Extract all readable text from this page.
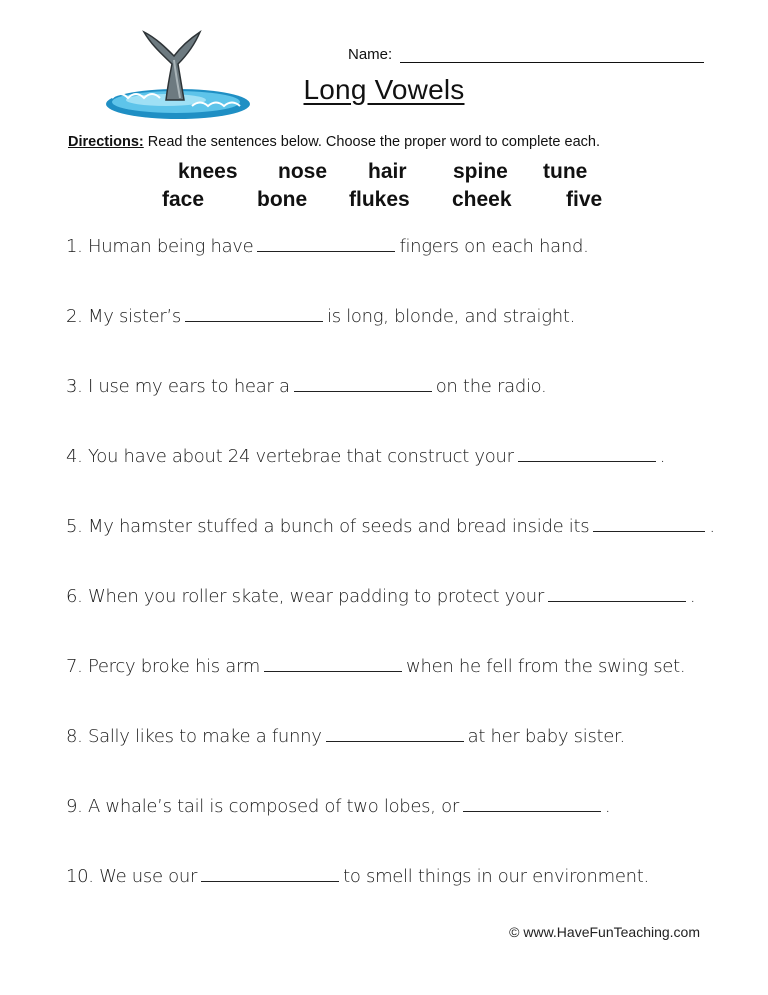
Name:
Long Vowels
Directions: Read the sentences below. Choose the proper word to complete each.
knees nose hair spine tune
face	bone flukes cheek	five
1. Human being have	fingers on each hand.
2. My sister’s	is long, blonde, and straight.
3. I use my ears to hear a	on the radio.
4. You have about 24 vertebrae that construct your	.
5. My hamster stuffed a bunch of seeds and bread inside its	.
6. When you roller skate, wear padding to protect your	.
7. Percy broke his arm	when he fell from the swing set.
8. Sally likes to make a funny	at her baby sister.
9. A whale’s tail is composed of two lobes, or	.
10. We use our	to smell things in our environment.
© www.HaveFunTeaching.com
